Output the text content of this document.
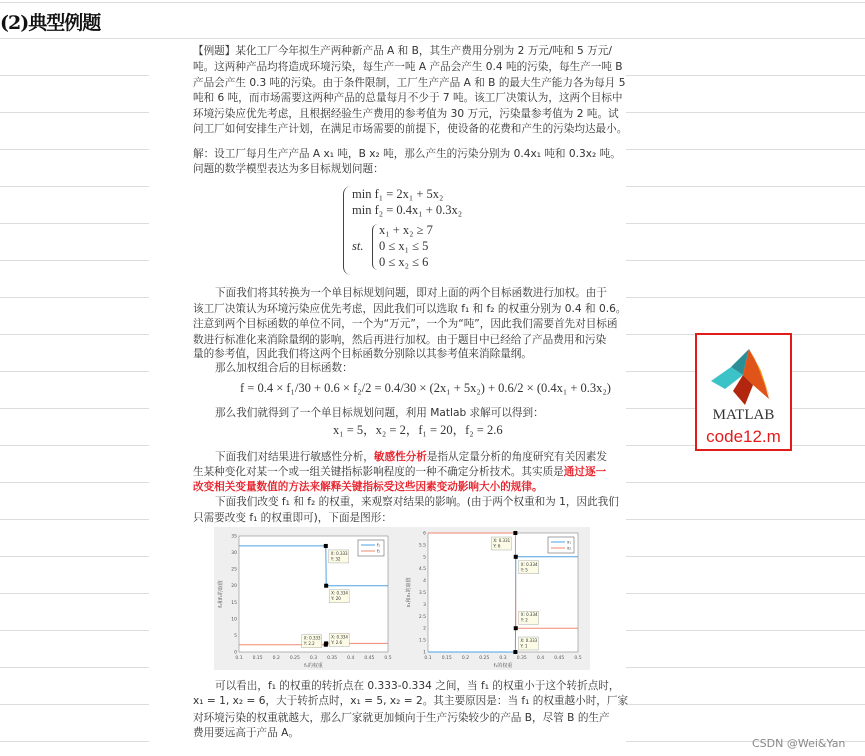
(2)典型例题
【例题】某化工厂今年拟生产两种新产品 A 和 B，其生产费用分别为 2 万元/吨和 5 万元/
吨。这两种产品均将造成环境污染，每生产一吨 A 产品会产生 0.4 吨的污染，每生产一吨 B
产品会产生 0.3 吨的污染。由于条件限制，工厂生产产品 A 和 B 的最大生产能力各为每月 5
吨和 6 吨，而市场需要这两种产品的总量每月不少于 7 吨。该工厂决策认为，这两个目标中
环境污染应优先考虑，且根据经验生产费用的参考值为 30 万元，污染量参考值为 2 吨。试
问工厂如何安排生产计划，在满足市场需要的前提下，使设备的花费和产生的污染均达最小。
解：设工厂每月生产产品 A x₁ 吨，B x₂ 吨，那么产生的污染分别为 0.4x₁ 吨和 0.3x₂ 吨。
问题的数学模型表达为多目标规划问题：
min f₁ = 2x₁ + 5x₂
min f₂ = 0.4x₁ + 0.3x₂
st.
x₁ + x₂ ≥ 7
0 ≤ x₁ ≤ 5
0 ≤ x₂ ≤ 6
下面我们将其转换为一个单目标规划问题，即对上面的两个目标函数进行加权。由于
该工厂决策认为环境污染应优先考虑，因此我们可以选取 f₁ 和 f₂ 的权重分别为 0.4 和 0.6。
注意到两个目标函数的单位不同，一个为“万元”，一个为“吨”，因此我们需要首先对目标函
数进行标准化来消除量纲的影响，然后再进行加权。由于题目中已经给了产品费用和污染
量的参考值，因此我们将这两个目标函数分别除以其参考值来消除量纲。
那么加权组合后的目标函数：
f = 0.4 × f₁/30 + 0.6 × f₂/2 = 0.4/30 × (2x₁ + 5x₂) + 0.6/2 × (0.4x₁ + 0.3x₂)
那么我们就得到了一个单目标规划问题，利用 Matlab 求解可以得到：
x₁ = 5，x₂ = 2，f₁ = 20，f₂ = 2.6
下面我们对结果进行敏感性分析，敏感性分析是指从定量分析的角度研究有关因素发
生某种变化对某一个或一组关键指标影响程度的一种不确定分析技术。其实质是通过逐一
改变相关变量数值的方法来解释关键指标受这些因素变动影响大小的规律。
下面我们改变 f₁ 和 f₂ 的权重，来观察对结果的影响。(由于两个权重和为 1，因此我们
只需要改变 f₁ 的权重即可)，下面是图形：
0.1 0.15 0.2 0.25 0.3 0.35 0.4 0.45 0.5
0
5
10
15
20
25
30
35
f₁的权重
f₁和f₂的取值
f₁
f₂
X: 0.333
Y: 32
X: 0.334
Y: 20
X: 0.333
Y: 2.2
X: 0.334
Y: 2.6
0.1 0.15 0.2 0.25 0.3 0.35 0.4 0.45 0.5
1
1.5
2
2.5
3
3.5
4
4.5
5
5.5
6
f₁的权重
x₁和x₂的取值
x₁
x₂
X: 0.331
Y: 6
X: 0.334
Y: 5
X: 0.334
Y: 2
X: 0.333
Y: 1
可以看出，f₁ 的权重的转折点在 0.333-0.334 之间，当 f₁ 的权重小于这个转折点时，
x₁ = 1, x₂ = 6，大于转折点时，x₁ = 5, x₂ = 2。其主要原因是：当 f₁ 的权重越小时，厂家
对环境污染的权重就越大，那么厂家就更加倾向于生产污染较少的产品 B，尽管 B 的生产
费用要远高于产品 A。
MATLAB
code12.m
CSDN @Wei&Yan
